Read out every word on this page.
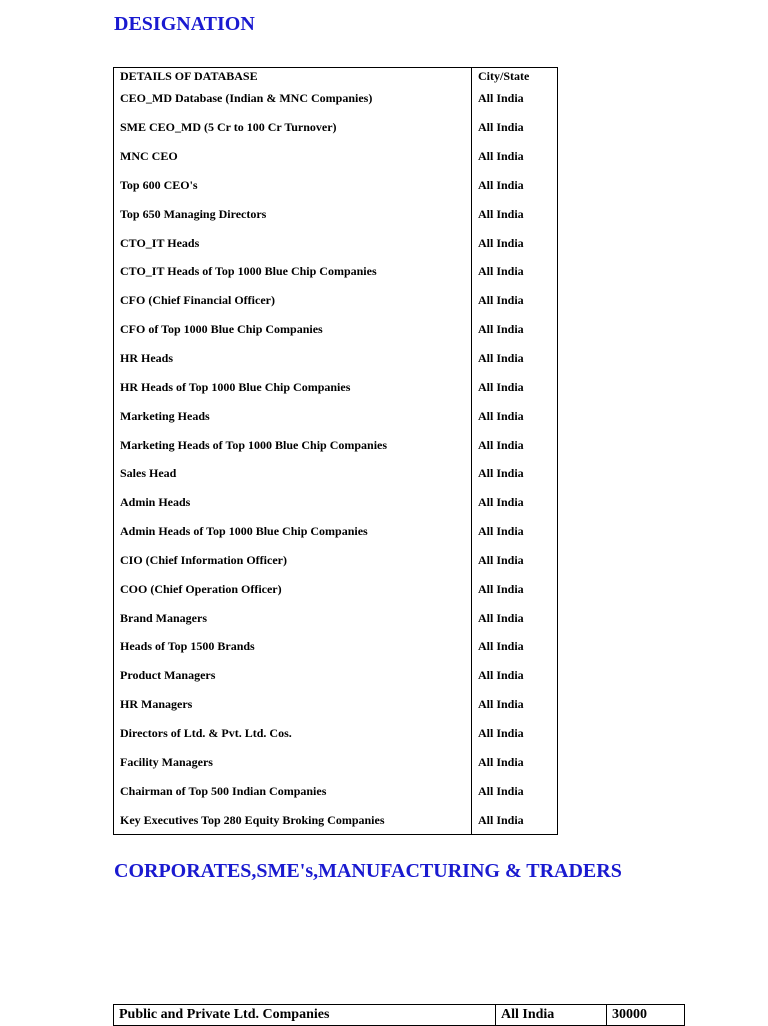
DESIGNATION
DETAILS OF DATABASE	City/State
CEO_MD Database (Indian & MNC Companies)	All India
SME CEO_MD (5 Cr to 100 Cr Turnover)	All India
MNC CEO	All India
Top 600 CEO's	All India
Top 650 Managing Directors	All India
CTO_IT Heads	All India
CTO_IT Heads of Top 1000 Blue Chip Companies	All India
CFO (Chief Financial Officer)	All India
CFO of Top 1000 Blue Chip Companies	All India
HR Heads	All India
HR Heads of Top 1000 Blue Chip Companies	All India
Marketing Heads	All India
Marketing Heads of Top 1000 Blue Chip Companies	All India
Sales Head	All India
Admin Heads	All India
Admin Heads of Top 1000 Blue Chip Companies	All India
CIO (Chief Information Officer)	All India
COO (Chief Operation Officer)	All India
Brand Managers	All India
Heads of Top 1500 Brands	All India
Product Managers	All India
HR Managers	All India
Directors of Ltd. & Pvt. Ltd. Cos.	All India
Facility Managers	All India
Chairman of Top 500 Indian Companies	All India
Key Executives Top 280 Equity Broking Companies	All India
CORPORATES,SME's,MANUFACTURING & TRADERS
Public and Private Ltd. Companies	All India	30000
